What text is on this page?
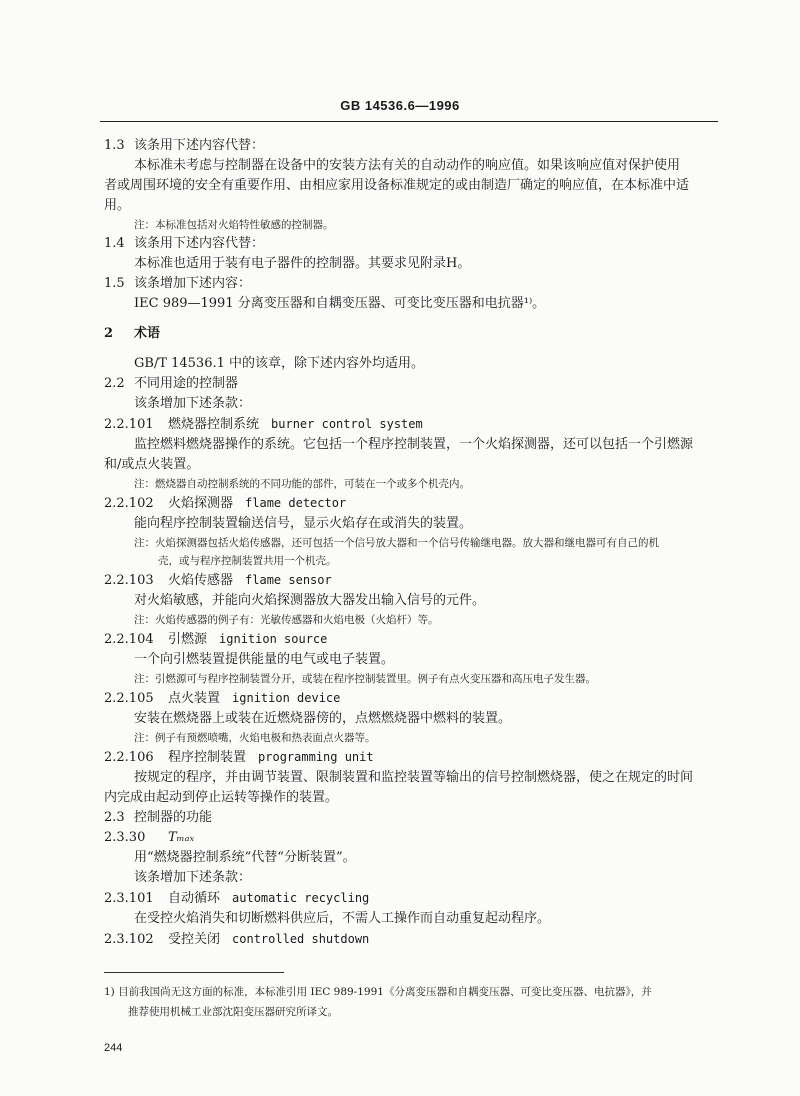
GB 14536.6—1996
1.3 该条用下述内容代替：
本标准未考虑与控制器在设备中的安装方法有关的自动动作的响应值。如果该响应值对保护使用
者或周围环境的安全有重要作用、由相应家用设备标准规定的或由制造厂确定的响应值，在本标准中适
用。
注：本标准包括对火焰特性敏感的控制器。
1.4 该条用下述内容代替：
本标准也适用于装有电子器件的控制器。其要求见附录H。
1.5 该条增加下述内容：
IEC 989—1991 分离变压器和自耦变压器、可变比变压器和电抗器¹⁾。
2 术语
GB/T 14536.1 中的该章，除下述内容外均适用。
2.2 不同用途的控制器
该条增加下述条款：
2.2.101 燃烧器控制系统 burner control system
监控燃料燃烧器操作的系统。它包括一个程序控制装置，一个火焰探测器，还可以包括一个引燃源
和/或点火装置。
注：燃烧器自动控制系统的不同功能的部件，可装在一个或多个机壳内。
2.2.102 火焰探测器 flame detector
能向程序控制装置输送信号，显示火焰存在或消失的装置。
注：火焰探测器包括火焰传感器，还可包括一个信号放大器和一个信号传输继电器。放大器和继电器可有自己的机
壳，或与程序控制装置共用一个机壳。
2.2.103 火焰传感器 flame sensor
对火焰敏感，并能向火焰探测器放大器发出输入信号的元件。
注：火焰传感器的例子有：光敏传感器和火焰电极（火焰杆）等。
2.2.104 引燃源 ignition source
一个向引燃装置提供能量的电气或电子装置。
注：引燃源可与程序控制装置分开，或装在程序控制装置里。例子有点火变压器和高压电子发生器。
2.2.105 点火装置 ignition device
安装在燃烧器上或装在近燃烧器傍的，点燃燃烧器中燃料的装置。
注：例子有预燃喷嘴，火焰电极和热表面点火器等。
2.2.106 程序控制装置 programming unit
按规定的程序，并由调节装置、限制装置和监控装置等输出的信号控制燃烧器，使之在规定的时间
内完成由起动到停止运转等操作的装置。
2.3 控制器的功能
2.3.30 Tₘₐₓ
用“燃烧器控制系统”代替“分断装置”。
该条增加下述条款：
2.3.101 自动循环 automatic recycling
在受控火焰消失和切断燃料供应后，不需人工操作而自动重复起动程序。
2.3.102 受控关闭 controlled shutdown
1) 目前我国尚无这方面的标准，本标准引用 IEC 989-1991《分离变压器和自耦变压器、可变比变压器、电抗器》，并
推荐使用机械工业部沈阳变压器研究所译文。
244
